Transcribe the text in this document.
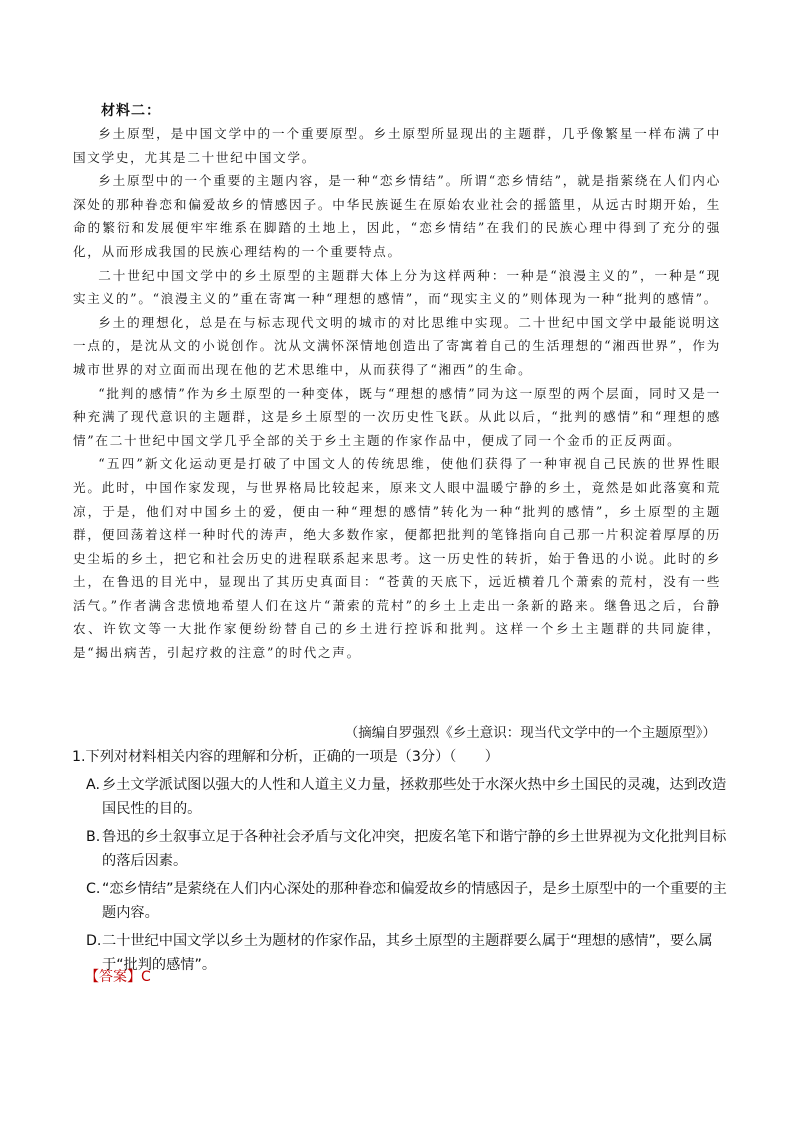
材料二：

乡土原型，是中国文学中的一个重要原型。乡土原型所显现出的主题群，几乎像繁星一样布满了中国文学史，尤其是二十世纪中国文学。

乡土原型中的一个重要的主题内容，是一种“恋乡情结”。所谓“恋乡情结”，就是指萦绕在人们内心深处的那种眷恋和偏爱故乡的情感因子。中华民族诞生在原始农业社会的摇篮里，从远古时期开始，生命的繁衍和发展便牢牢维系在脚踏的土地上，因此，“恋乡情结”在我们的民族心理中得到了充分的强化，从而形成我国的民族心理结构的一个重要特点。

二十世纪中国文学中的乡土原型的主题群大体上分为这样两种：一种是“浪漫主义的”，一种是“现实主义的”。“浪漫主义的”重在寄寓一种“理想的感情”，而“现实主义的”则体现为一种“批判的感情”。

乡土的理想化，总是在与标志现代文明的城市的对比思维中实现。二十世纪中国文学中最能说明这一点的，是沈从文的小说创作。沈从文满怀深情地创造出了寄寓着自己的生活理想的“湘西世界”，作为城市世界的对立面而出现在他的艺术思维中，从而获得了“湘西”的生命。

“批判的感情”作为乡土原型的一种变体，既与“理想的感情”同为这一原型的两个层面，同时又是一种充满了现代意识的主题群，这是乡土原型的一次历史性飞跃。从此以后，“批判的感情”和“理想的感情”在二十世纪中国文学几乎全部的关于乡土主题的作家作品中，便成了同一个金币的正反两面。

“五四”新文化运动更是打破了中国文人的传统思维，使他们获得了一种审视自己民族的世界性眼光。此时，中国作家发现，与世界格局比较起来，原来文人眼中温暖宁静的乡土，竟然是如此落寞和荒凉，于是，他们对中国乡土的爱，便由一种“理想的感情”转化为一种“批判的感情”，乡土原型的主题群，便回荡着这样一种时代的涛声，绝大多数作家，便都把批判的笔锋指向自己那一片积淀着厚厚的历史尘垢的乡土，把它和社会历史的进程联系起来思考。这一历史性的转折，始于鲁迅的小说。此时的乡土，在鲁迅的目光中，显现出了其历史真面目：“苍黄的天底下，远近横着几个萧索的荒村，没有一些活气。”作者满含悲愤地希望人们在这片“萧索的荒村”的乡土上走出一条新的路来。继鲁迅之后，台静农、许钦文等一大批作家便纷纷替自己的乡土进行控诉和批判。这样一个乡土主题群的共同旋律，是“揭出病苦，引起疗救的注意”的时代之声。

（摘编自罗强烈《乡土意识：现当代文学中的一个主题原型》）

1.下列对材料相关内容的理解和分析，正确的一项是（3分）（　　）

A. 乡土文学派试图以强大的人性和人道主义力量，拯救那些处于水深火热中乡土国民的灵魂，达到改造国民性的目的。
B. 鲁迅的乡土叙事立足于各种社会矛盾与文化冲突，把废名笔下和谐宁静的乡土世界视为文化批判目标的落后因素。
C. “恋乡情结”是萦绕在人们内心深处的那种眷恋和偏爱故乡的情感因子，是乡土原型中的一个重要的主题内容。
D. 二十世纪中国文学以乡土为题材的作家作品，其乡土原型的主题群要么属于“理想的感情”，要么属于“批判的感情”。
【答案】C
